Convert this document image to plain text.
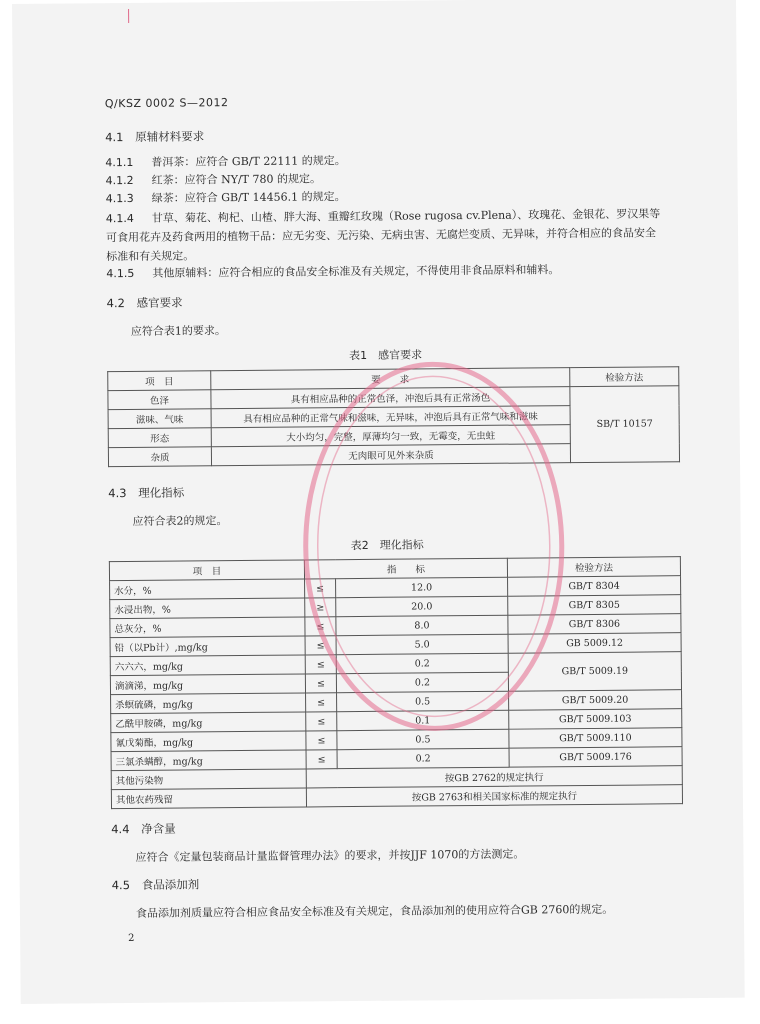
Q/KSZ 0002 S—2012
4.1 原辅材料要求
4.1.1 普洱茶：应符合 GB/T 22111 的规定。
4.1.2 红茶：应符合 NY/T 780 的规定。
4.1.3 绿茶：应符合 GB/T 14456.1 的规定。
4.1.4 甘草、菊花、枸杞、山楂、胖大海、重瓣红玫瑰（Rose rugosa cv.Plena）、玫瑰花、金银花、罗汉果等可食用花卉及药食两用的植物干品：应无劣变、无污染、无病虫害、无腐烂变质、无异味，并符合相应的食品安全标准和有关规定。
4.1.5 其他原辅料：应符合相应的食品安全标准及有关规定，不得使用非食品原料和辅料。
4.2 感官要求
应符合表1的要求。
表1　感官要求
项　目	要　　求	检验方法
色泽	具有相应品种的正常色泽，冲泡后具有正常汤色	SB/T 10157
滋味、气味	具有相应品种的正常气味和滋味，无异味，冲泡后具有正常气味和滋味	
形态	大小均匀，完整，厚薄均匀一致，无霉变，无虫蛀	
杂质	无肉眼可见外来杂质	
4.3 理化指标
应符合表2的规定。
表2　理化指标
项　目	指　　标		检验方法
水分，%	≤	12.0	GB/T 8304
水浸出物，%	≥	20.0	GB/T 8305
总灰分，%	≤	8.0	GB/T 8306
铅（以Pb计）,mg/kg	≤	5.0	GB 5009.12
六六六，mg/kg	≤	0.2	GB/T 5009.19
滴滴涕，mg/kg	≤	0.2	
杀螟硫磷，mg/kg	≤	0.5	GB/T 5009.20
乙酰甲胺磷，mg/kg	≤	0.1	GB/T 5009.103
氰戊菊酯，mg/kg	≤	0.5	GB/T 5009.110
三氯杀螨醇，mg/kg	≤	0.2	GB/T 5009.176
其他污染物	按GB 2762的规定执行		
其他农药残留	按GB 2763和相关国家标准的规定执行		
4.4 净含量
应符合《定量包装商品计量监督管理办法》的要求，并按JJF 1070的方法测定。
4.5 食品添加剂
食品添加剂质量应符合相应食品安全标准及有关规定，食品添加剂的使用应符合GB 2760的规定。
2
